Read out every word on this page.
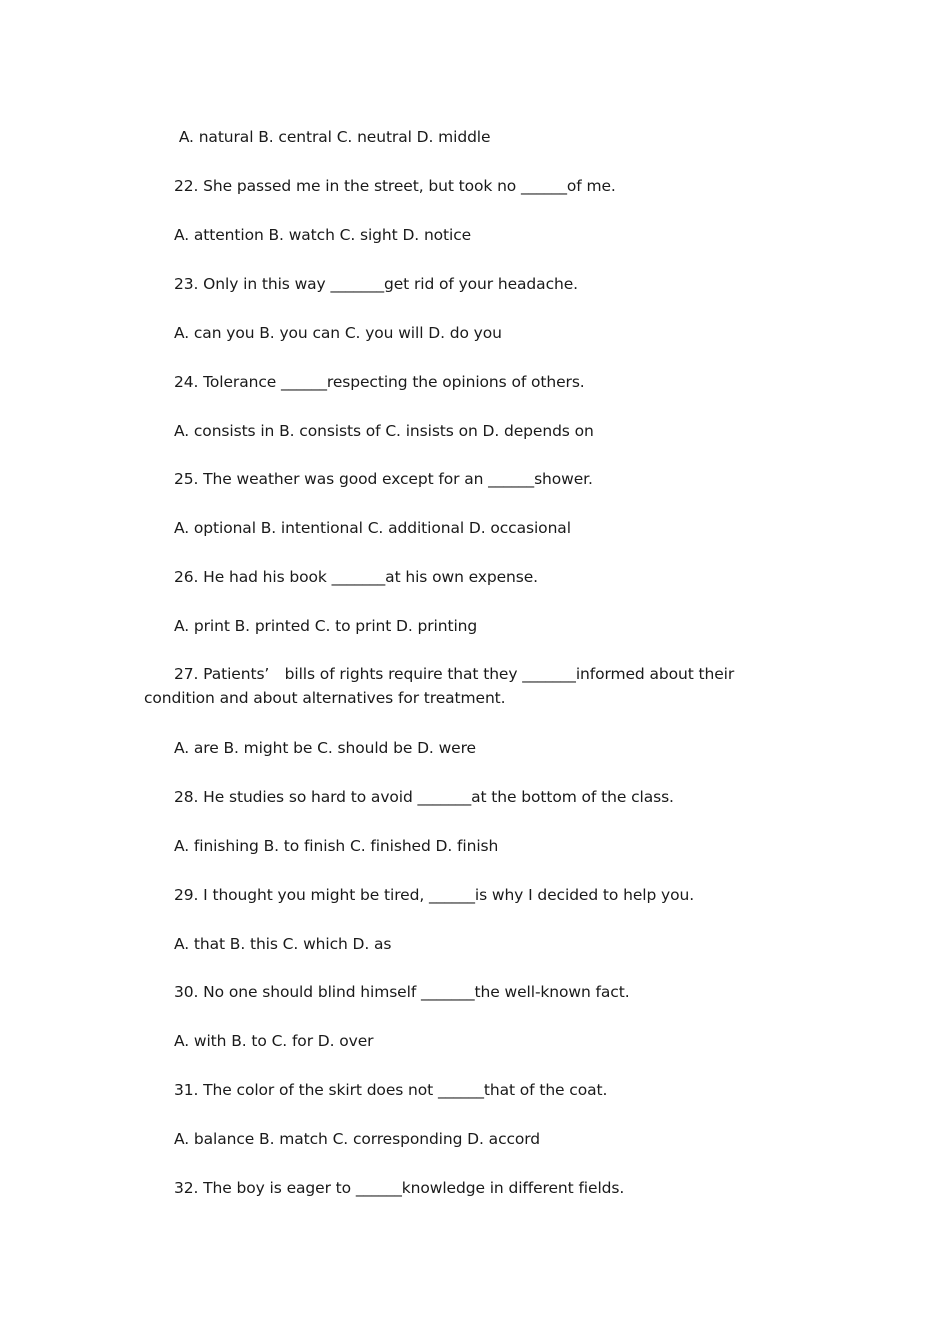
A. natural B. central C. neutral D. middle

22. She passed me in the street, but took no ______of me.

A. attention B. watch C. sight D. notice

23. Only in this way _______get rid of your headache.

A. can you B. you can C. you will D. do you

24. Tolerance ______respecting the opinions of others.

A. consists in B. consists of C. insists on D. depends on

25. The weather was good except for an ______shower.

A. optional B. intentional C. additional D. occasional

26. He had his book _______at his own expense.

A. print B. printed C. to print D. printing

27. Patients’　bills of rights require that they _______informed about their condition and about alternatives for treatment.

A. are B. might be C. should be D. were

28. He studies so hard to avoid _______at the bottom of the class.

A. finishing B. to finish C. finished D. finish

29. I thought you might be tired, ______is why I decided to help you.

A. that B. this C. which D. as

30. No one should blind himself _______the well-known fact.

A. with B. to C. for D. over

31. The color of the skirt does not ______that of the coat.

A. balance B. match C. corresponding D. accord

32. The boy is eager to ______knowledge in different fields.
